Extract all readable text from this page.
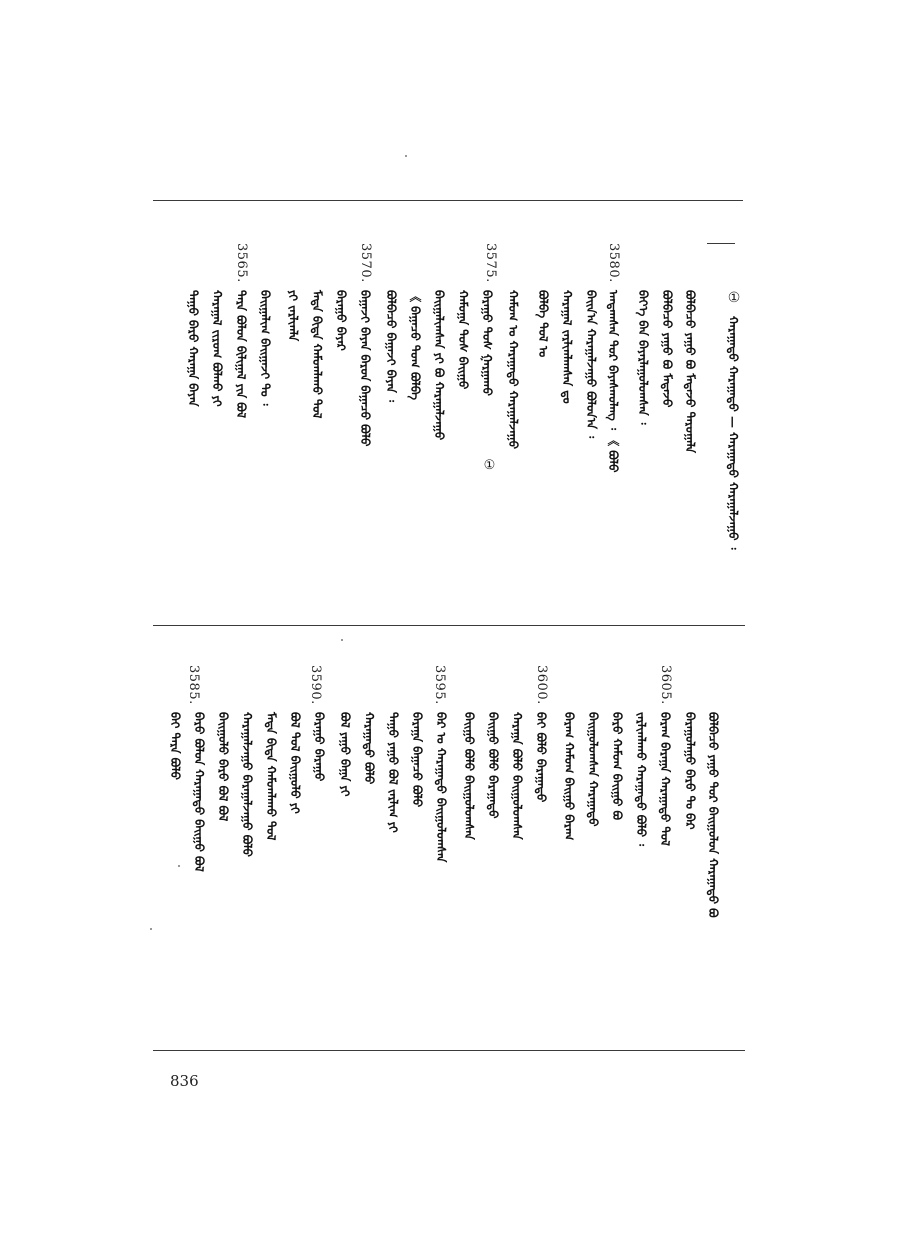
①
ᠬᠠᠷᠠᠭᠠᠲᠤ ᠬᠠᠷᠠᠭᠠᠲᠤ — ᠬᠠᠷᠠᠭᠠᠲᠤ ᠬᠠᠷᠠᠭᠠᠯᠵᠠᠭᠤ ᠄
ᠪᠣᠯᠪᠠᠴᠤ ᠶᠠᠭᠤ ᠪᠤ ᠮᠡᠳᠡᠵᠦ ᠳᠠᠷᠤᠭᠠᠯᠠ
ᠪᠣᠯᠪᠠᠴᠤ ᠶᠠᠭᠤ ᠪᠤ ᠮᠡᠳᠡᠵᠦ
ᠪᠡᠶ᠎ᠡ ᠪᠠᠨ ᠪᠠᠶᠠᠷᠯᠠᠭᠤᠯᠤᠭᠰᠠᠨ ᠄
3580.
ᠠᠨᠳᠠᠭᠰᠠᠨ ᠲᠤᠷ ᠪᠠᠶᠠᠰᠬᠤᠯᠠᠩ ᠄ 《 ᠪᠣᠯᠤ
ᠪᠠᠢᠨ᠎ᠠ ᠬᠠᠷᠠᠭᠠᠯᠵᠠᠭᠤ ᠪᠣᠯᠤᠨ᠎ᠠ ᠄
ᠬᠠᠷᠠᠭᠠᠯ ᠵᠠᠷᠯᠢᠭᠯᠠᠭᠰᠠᠨ ᠳᠤ
ᠪᠣᠯᠪᠠ ᠲᠤᠯ ᠤ
3575.
ᠬᠠᠮᠤᠭ ᠤ ᠬᠠᠷᠠᠭᠠᠲᠤ ᠬᠠᠷᠠᠭᠠᠯᠵᠠᠭᠤ
①
ᠪᠠᠷᠠᠭᠤ ᠲᠤᠰ ᠭᠠᠷᠭᠠᠬᠤ
ᠬᠠᠮᠤᠭᠠ ᠲᠤᠰ ᠪᠠᠢᠭᠤ
ᠪᠠᠢᠭᠠᠯᠢᠭᠰᠠᠨ ᠶᠢ ᠪᠤ ᠬᠠᠷᠠᠭᠠᠯᠵᠠᠭᠤ
《 ᠪᠠᠭᠠᠴᠤ ᠲᠤᠭ ᠪᠣᠯᠪᠠ
ᠪᠣᠯᠪᠠᠴᠤ ᠪᠠᠭᠠᠵᠢ ᠪᠠᠶᠠᠨ ᠄
3570.
ᠪᠠᠭᠠᠵᠢ ᠪᠠᠶᠠᠨ ᠪᠠᠷᠤᠨ ᠪᠠᠭᠠᠴᠤ ᠪᠣᠯᠤ
ᠪᠠᠷᠠᠭᠤ ᠪᠠᠶᠠᠷ
ᠮᠡᠳᠡ ᠪᠢᠳᠡ ᠬᠠᠮᠤᠭᠯᠠᠬᠤ ᠲᠤᠯ
ᠶᠢ ᠵᠠᠷᠯᠢᠭᠯᠠ
3565.
ᠪᠠᠢᠭᠠᠯᠢᠭ ᠪᠠᠢᠭᠠᠵᠢ ᠲᠤ ᠄
ᠲᠡᠷᠡ ᠪᠣᠯᠤᠨ ᠪᠢᠯᠢᠭᠠᠯ ᠶᠢᠨ ᠪᠣᠯ
ᠬᠠᠷᠠᠭᠠᠯ ᠵᠢᠷᠤᠭ ᠪᠣᠯᠬᠤ ᠶᠢ
ᠲᠠᠭᠤ ᠪᠠᠷᠤ ᠬᠠᠷᠠᠭᠠ ᠪᠠᠶᠠᠨ
ᠪᠣᠯᠪᠠᠴᠤ ᠶᠠᠭᠤ ᠲᠤᠷ ᠪᠠᠢᠭᠤᠯᠤᠨ ᠬᠠᠷᠠᠭᠠᠲᠤ ᠪᠤ
ᠪᠠᠷᠠᠭᠤᠯᠠᠭᠤ ᠪᠠᠷᠤ ᠲᠤ ᠪᠠᠷ
3605.
ᠪᠠᠷᠠᠭ ᠪᠠᠷᠠᠭᠠ ᠬᠠᠷᠠᠭᠠᠲᠤ ᠲᠤᠯ
ᠵᠠᠷᠯᠢᠭᠯᠠᠬᠤ ᠬᠠᠷᠠᠭᠠᠲᠤ ᠪᠣᠯᠤ ᠄
ᠪᠠᠷᠤ ᠬᠠᠮᠤᠭ ᠪᠠᠢᠭᠤ ᠪᠤ
ᠪᠠᠢᠭᠤᠯᠤᠭᠰᠠᠨ ᠬᠠᠷᠠᠭᠠᠲᠤ
ᠪᠠᠷᠠᠭ ᠬᠠᠮᠤᠭ ᠪᠠᠢᠭᠤ ᠪᠠᠷᠠᠭ
3600.
ᠪᠠᠢ ᠪᠣᠯᠤ ᠪᠠᠷᠠᠭᠠᠲᠤ
ᠬᠠᠷᠠᠭᠠ ᠪᠣᠯᠤ ᠪᠠᠢᠭᠤᠯᠤᠭᠰᠠᠨ
ᠪᠠᠢᠭᠤ ᠪᠣᠯᠤ ᠪᠠᠷᠠᠭᠠᠲᠤ
ᠪᠠᠢᠭᠤ ᠪᠣᠯᠤ ᠪᠠᠢᠭᠤᠯᠤᠭᠰᠠᠨ
3595.
ᠪᠠᠷ ᠤ ᠬᠠᠷᠠᠭᠠᠲᠤ ᠪᠠᠢᠭᠤᠯᠤᠭᠰᠠᠨ
ᠪᠠᠷᠠᠭᠠ ᠪᠠᠭᠠᠴᠤ ᠪᠣᠯᠤ
ᠲᠠᠭᠤ ᠶᠠᠭᠤ ᠪᠣᠯ ᠵᠠᠷᠯᠢᠭ ᠶᠢ
ᠬᠠᠷᠠᠭᠠᠲᠤ ᠪᠣᠯᠤ
ᠪᠣᠯ ᠶᠠᠭᠤ ᠪᠠᠭᠠ ᠶᠢ
3590.
ᠪᠠᠷᠠᠭᠤ ᠪᠠᠷᠠᠭᠤ
ᠪᠣᠯ ᠲᠤᠯ ᠪᠠᠢᠭᠤᠯᠤ ᠶᠢ
ᠮᠡᠳᠡ ᠪᠢᠳᠡ ᠬᠠᠮᠤᠭᠯᠠᠬᠤ ᠲᠤᠯ
ᠬᠠᠷᠠᠭᠠᠯᠵᠠᠭᠤ ᠪᠠᠷᠠᠭᠠᠯᠵᠠᠭᠤ ᠪᠣᠯᠤ
ᠪᠠᠢᠭᠤᠯᠤ ᠪᠠᠷᠤ ᠪᠣᠯ ᠪᠣᠯ
3585.
ᠪᠠᠷᠤ ᠪᠣᠯᠤᠨ ᠬᠠᠷᠠᠭᠠᠲᠤ ᠪᠠᠢᠭᠤ ᠪᠣᠯ
ᠪᠠᠢ ᠲᠡᠷᠡ ᠪᠣᠯᠤ
836
